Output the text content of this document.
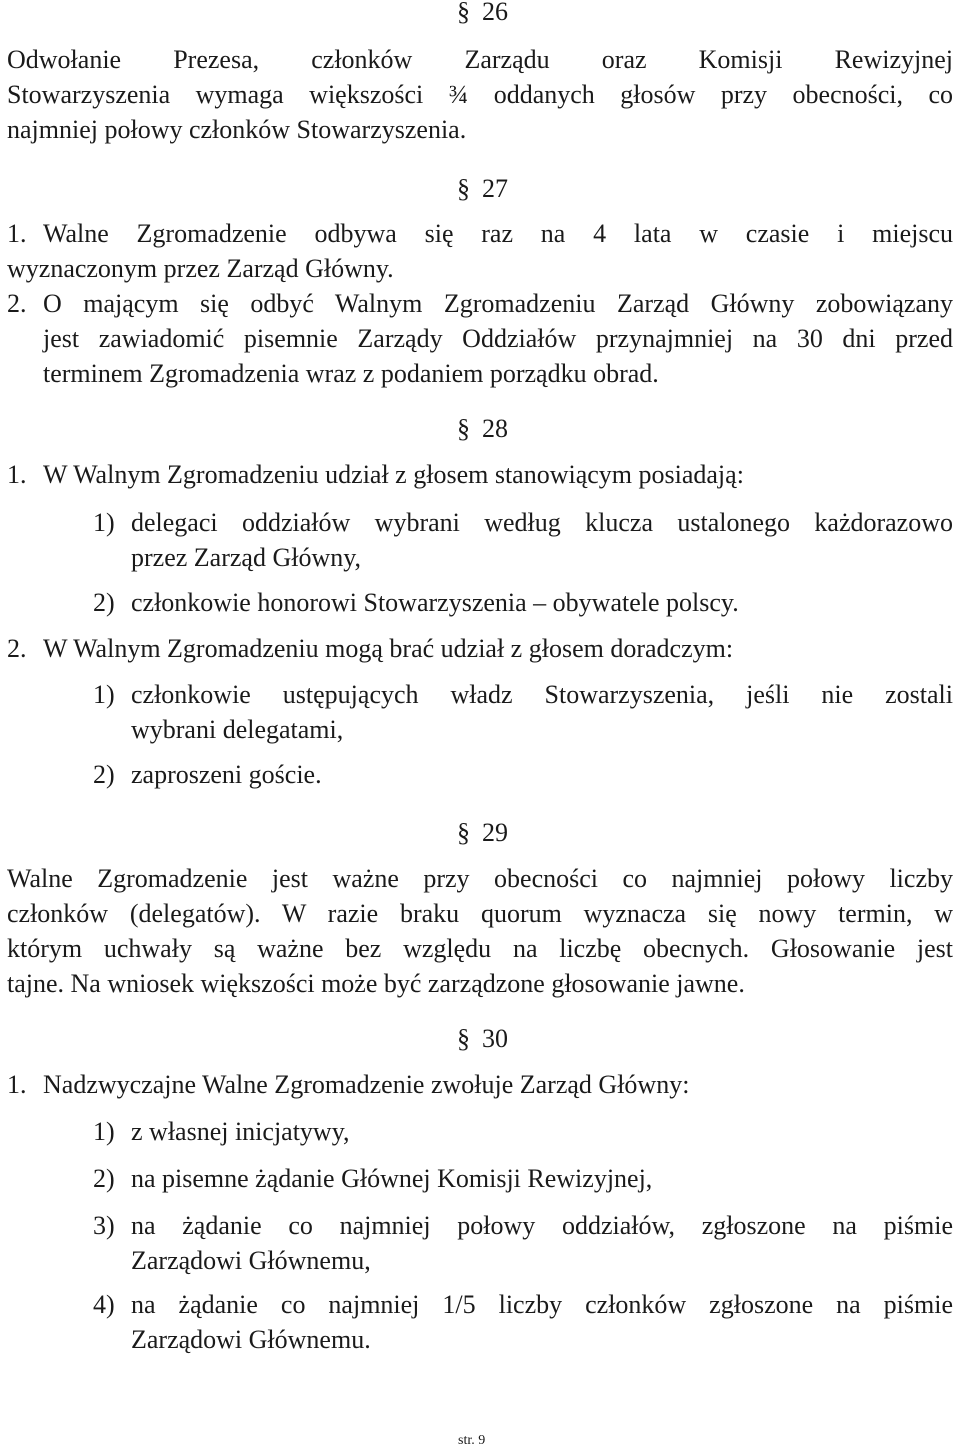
§ 26
Odwołanie Prezesa, członków Zarządu oraz Komisji Rewizyjnej
Stowarzyszenia wymaga większości ¾ oddanych głosów przy obecności, co
najmniej połowy członków Stowarzyszenia.
§ 27
1. Walne Zgromadzenie odbywa się raz na 4 lata w czasie i miejscu
wyznaczonym przez Zarząd Główny.
2. O mającym się odbyć Walnym Zgromadzeniu Zarząd Główny zobowiązany
jest zawiadomić pisemnie Zarządy Oddziałów przynajmniej na 30 dni przed
terminem Zgromadzenia wraz z podaniem porządku obrad.
§ 28
1. W Walnym Zgromadzeniu udział z głosem stanowiącym posiadają:
1) delegaci oddziałów wybrani według klucza ustalonego każdorazowo
przez Zarząd Główny,
2) członkowie honorowi Stowarzyszenia – obywatele polscy.
2. W Walnym Zgromadzeniu mogą brać udział z głosem doradczym:
1) członkowie ustępujących władz Stowarzyszenia, jeśli nie zostali
wybrani delegatami,
2) zaproszeni goście.
§ 29
Walne Zgromadzenie jest ważne przy obecności co najmniej połowy liczby
członków (delegatów). W razie braku quorum wyznacza się nowy termin, w
którym uchwały są ważne bez względu na liczbę obecnych. Głosowanie jest
tajne. Na wniosek większości może być zarządzone głosowanie jawne.
§ 30
1. Nadzwyczajne Walne Zgromadzenie zwołuje Zarząd Główny:
1) z własnej inicjatywy,
2) na pisemne żądanie Głównej Komisji Rewizyjnej,
3) na żądanie co najmniej połowy oddziałów, zgłoszone na piśmie
Zarządowi Głównemu,
4) na żądanie co najmniej 1/5 liczby członków zgłoszone na piśmie
Zarządowi Głównemu.
str. 9
